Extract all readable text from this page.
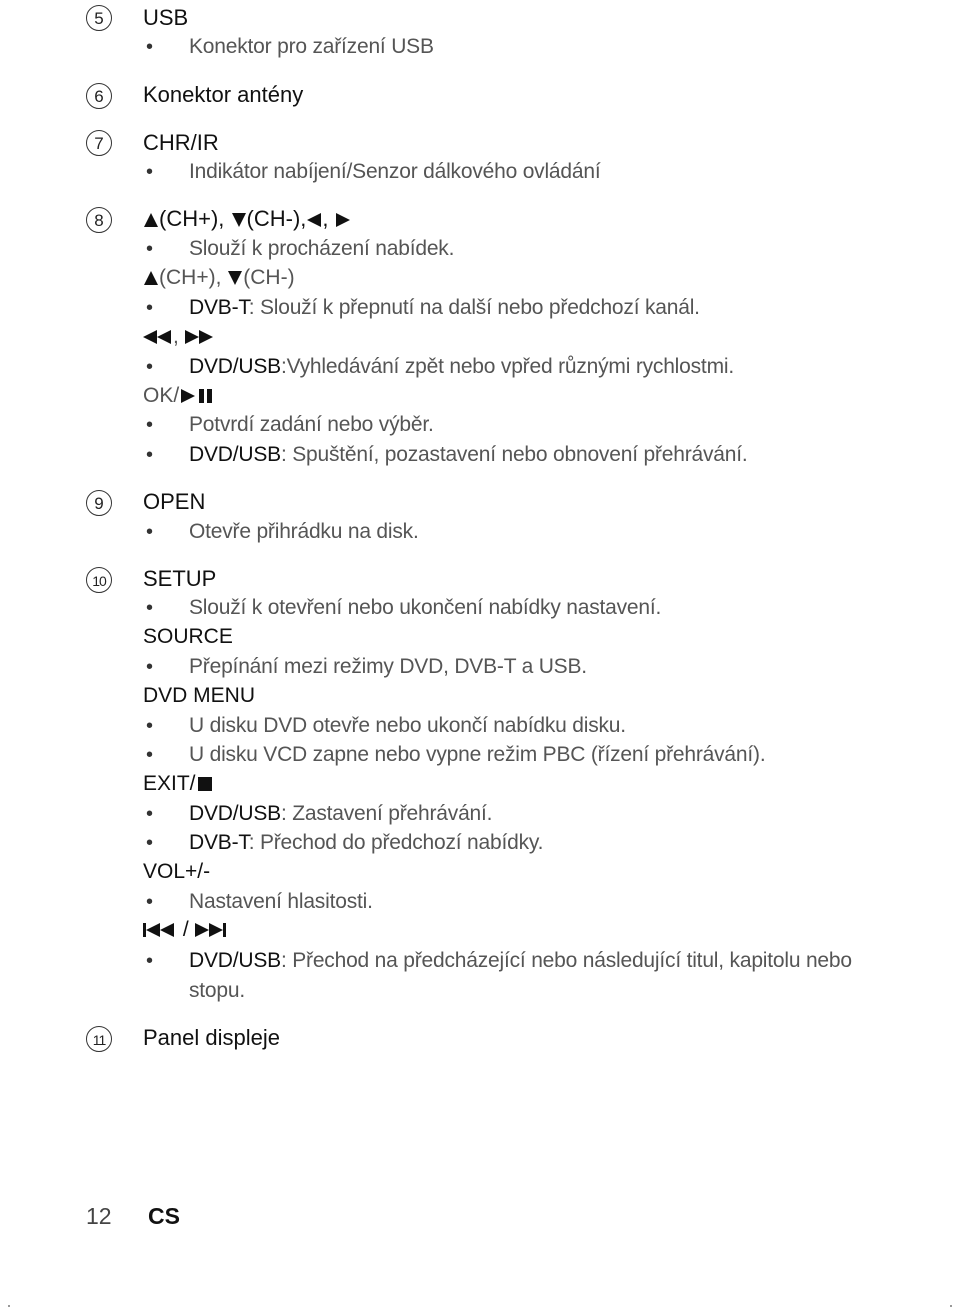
5	USB
• Konektor pro zařízení USB
6	Konektor antény
7	CHR/IR
• Indikátor nabíjení/Senzor dálkového ovládání
8	(CH+), (CH-), ,
• Slouží k procházení nabídek.
(CH+), (CH-)
• DVB-T: Slouží k přepnutí na další nebo předchozí kanál.
,
• DVD/USB:Vyhledávání zpět nebo vpřed různými rychlostmi.
OK/
• Potvrdí zadání nebo výběr.
• DVD/USB: Spuštění, pozastavení nebo obnovení přehrávání.
9	OPEN
• Otevře přihrádku na disk.
10 SETUP
• Slouží k otevření nebo ukončení nabídky nastavení.
SOURCE
• Přepínání mezi režimy DVD, DVB-T a USB.
DVD MENU
• U disku DVD otevře nebo ukončí nabídku disku.
• U disku VCD zapne nebo vypne režim PBC (řízení přehrávání).
EXIT/
• DVD/USB: Zastavení přehrávání.
• DVB-T: Přechod do předchozí nabídky.
VOL+/-
• Nastavení hlasitosti.
/
• DVD/USB: Přechod na předcházející nebo následující titul, kapitolu nebo
stopu.
11	Panel displeje
12 CS
